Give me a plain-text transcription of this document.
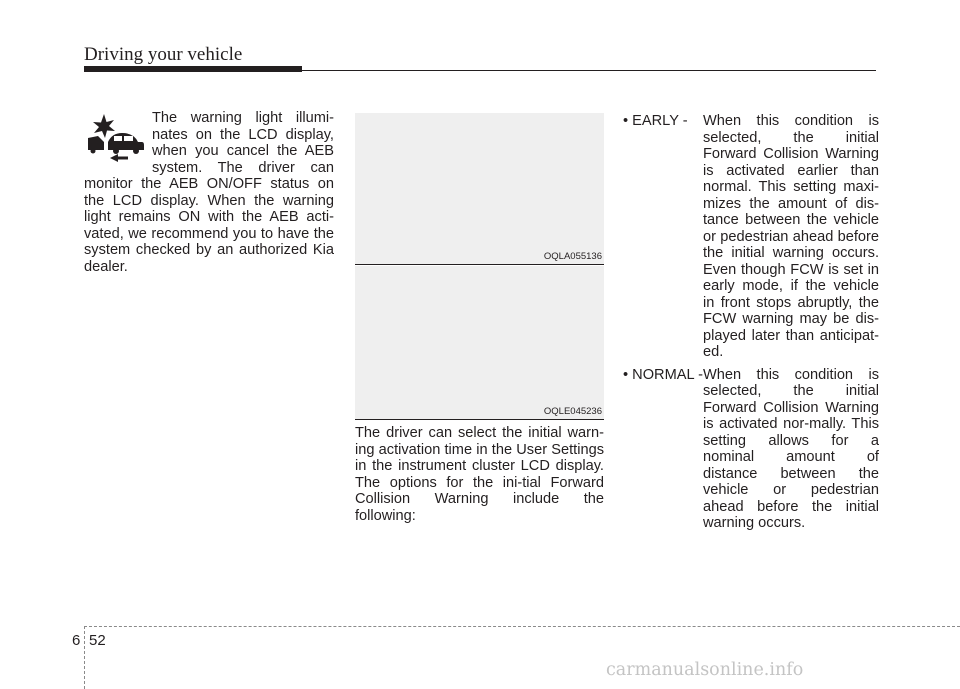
Driving your vehicle

The warning light illumi-nates on the LCD display, when you cancel the AEB system. The driver can monitor the AEB ON/OFF status on the LCD display. When the warning light remains ON with the AEB acti-vated, we recommend you to have the system checked by an authorized Kia dealer.

OQLA055136
OQLE045236

The driver can select the initial warn-ing activation time in the User Settings in the instrument cluster LCD display. The options for the ini-tial Forward Collision Warning include the following:

• EARLY - When this condition is selected, the initial Forward Collision Warning is activated earlier than normal. This setting maxi-mizes the amount of dis-tance between the vehicle or pedestrian ahead before the initial warning occurs. Even though FCW is set in early mode, if the vehicle in front stops abruptly, the FCW warning may be dis-played later than anticipat-ed.
• NORMAL - When this condition is selected, the initial Forward Collision Warning is activated nor-mally. This setting allows for a nominal amount of distance between the vehicle or pedestrian ahead before the initial warning occurs.
6 52
carmanualsonline.info
